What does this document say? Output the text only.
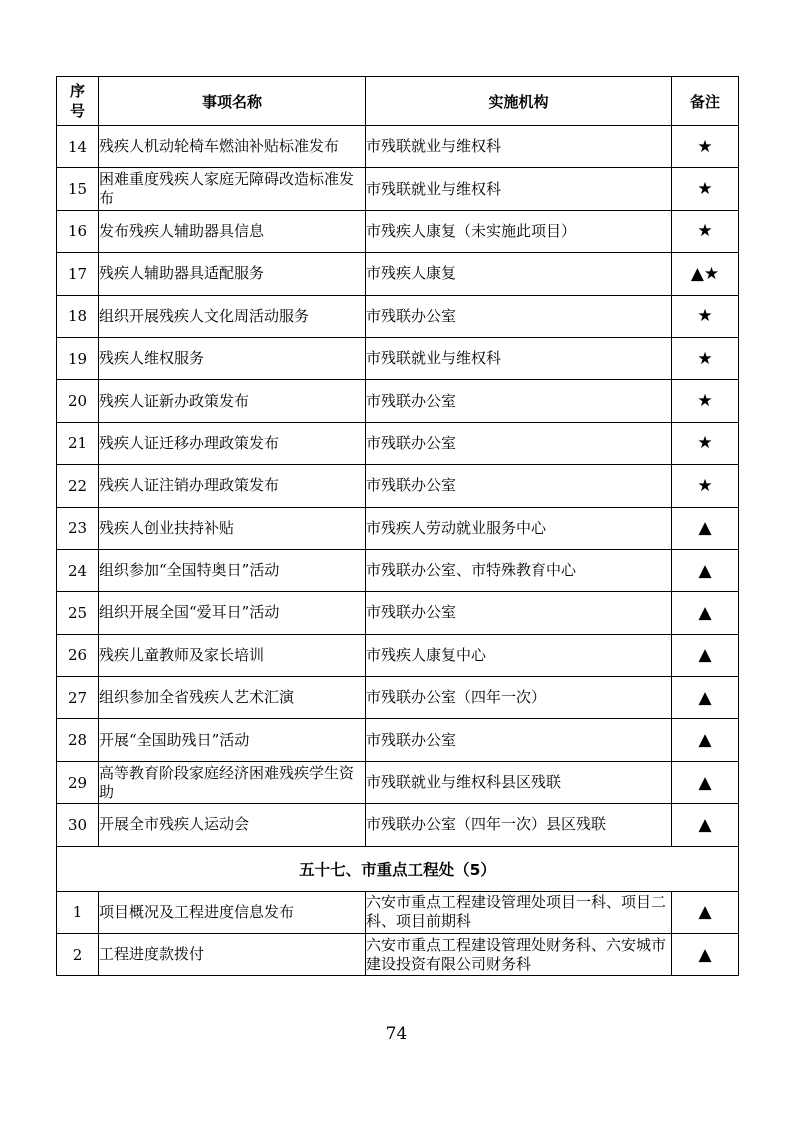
序
号	事项名称	实施机构	备注
14	残疾人机动轮椅车燃油补贴标准发布	市残联就业与维权科	★
15	困难重度残疾人家庭无障碍改造标准发布	市残联就业与维权科	★
16	发布残疾人辅助器具信息	市残疾人康复（未实施此项目）	★
17	残疾人辅助器具适配服务	市残疾人康复	▲★
18	组织开展残疾人文化周活动服务	市残联办公室	★
19	残疾人维权服务	市残联就业与维权科	★
20	残疾人证新办政策发布	市残联办公室	★
21	残疾人证迁移办理政策发布	市残联办公室	★
22	残疾人证注销办理政策发布	市残联办公室	★
23	残疾人创业扶持补贴	市残疾人劳动就业服务中心	▲
24	组织参加“全国特奥日”活动	市残联办公室、市特殊教育中心	▲
25	组织开展全国“爱耳日”活动	市残联办公室	▲
26	残疾儿童教师及家长培训	市残疾人康复中心	▲
27	组织参加全省残疾人艺术汇演	市残联办公室（四年一次）	▲
28	开展“全国助残日”活动	市残联办公室	▲
29	高等教育阶段家庭经济困难残疾学生资助	市残联就业与维权科县区残联	▲
30	开展全市残疾人运动会	市残联办公室（四年一次）县区残联	▲
五十七、市重点工程处（5）			
1	项目概况及工程进度信息发布	六安市重点工程建设管理处项目一科、项目二科、项目前期科	▲
2	工程进度款拨付	六安市重点工程建设管理处财务科、六安城市建设投资有限公司财务科	▲
74
